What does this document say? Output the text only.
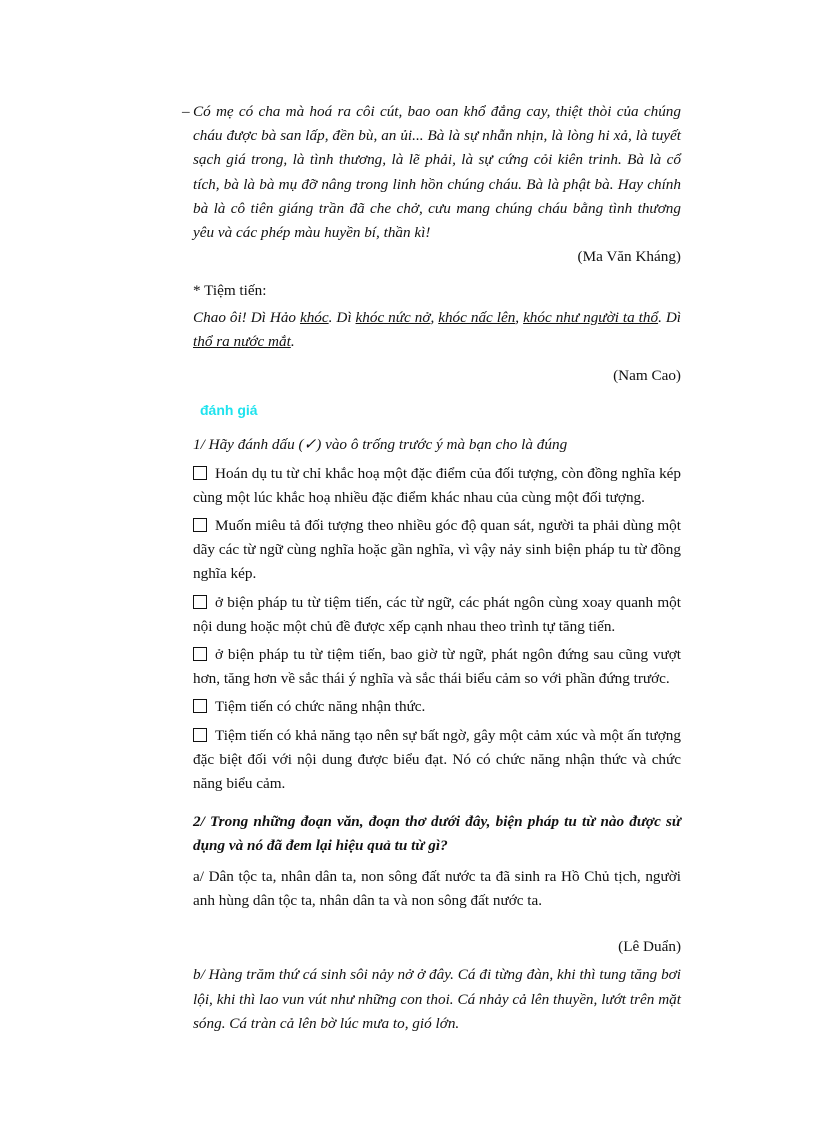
– Có mẹ có cha mà hoá ra côi cút, bao oan khổ đắng cay, thiệt thòi của chúng cháu được bà san lấp, đền bù, an ủi... Bà là sự nhẫn nhịn, là lòng hi xả, là tuyết sạch giá trong, là tình thương, là lẽ phải, là sự cứng cỏi kiên trinh. Bà là cổ tích, bà là bà mụ đỡ nâng trong linh hồn chúng cháu. Bà là phật bà. Hay chính bà là cô tiên giáng trần đã che chở, cưu mang chúng cháu bằng tình thương yêu và các phép màu huyền bí, thần kì!

(Ma Văn Kháng)

* Tiệm tiến:

Chao ôi! Dì Hảo khóc. Dì khóc nức nở, khóc nấc lên, khóc như người ta thổ. Dì thổ ra nước mắt.

(Nam Cao)

đánh giá

1/ Hãy đánh dấu (✓) vào ô trống trước ý mà bạn cho là đúng

Hoán dụ tu từ chỉ khắc hoạ một đặc điểm của đối tượng, còn đồng nghĩa kép cùng một lúc khắc hoạ nhiều đặc điểm khác nhau của cùng một đối tượng.

Muốn miêu tả đối tượng theo nhiều góc độ quan sát, người ta phải dùng một dãy các từ ngữ cùng nghĩa hoặc gần nghĩa, vì vậy nảy sinh biện pháp tu từ đồng nghĩa kép.

ở biện pháp tu từ tiệm tiến, các từ ngữ, các phát ngôn cùng xoay quanh một nội dung hoặc một chủ đề được xếp cạnh nhau theo trình tự tăng tiến.

ở biện pháp tu từ tiệm tiến, bao giờ từ ngữ, phát ngôn đứng sau cũng vượt hơn, tăng hơn về sắc thái ý nghĩa và sắc thái biểu cảm so với phần đứng trước.

Tiệm tiến có chức năng nhận thức.

Tiệm tiến có khả năng tạo nên sự bất ngờ, gây một cảm xúc và một ấn tượng đặc biệt đối với nội dung được biểu đạt. Nó có chức năng nhận thức và chức năng biểu cảm.

2/ Trong những đoạn văn, đoạn thơ dưới đây, biện pháp tu từ nào được sử dụng và nó đã đem lại hiệu quả tu từ gì?

a/ Dân tộc ta, nhân dân ta, non sông đất nước ta đã sinh ra Hồ Chủ tịch, người anh hùng dân tộc ta, nhân dân ta và non sông đất nước ta.

(Lê Duẩn)

b/ Hàng trăm thứ cá sinh sôi nảy nở ở đây. Cá đi từng đàn, khi thì tung tăng bơi lội, khi thì lao vun vút như những con thoi. Cá nhảy cả lên thuyền, lướt trên mặt sóng. Cá tràn cả lên bờ lúc mưa to, gió lớn.
